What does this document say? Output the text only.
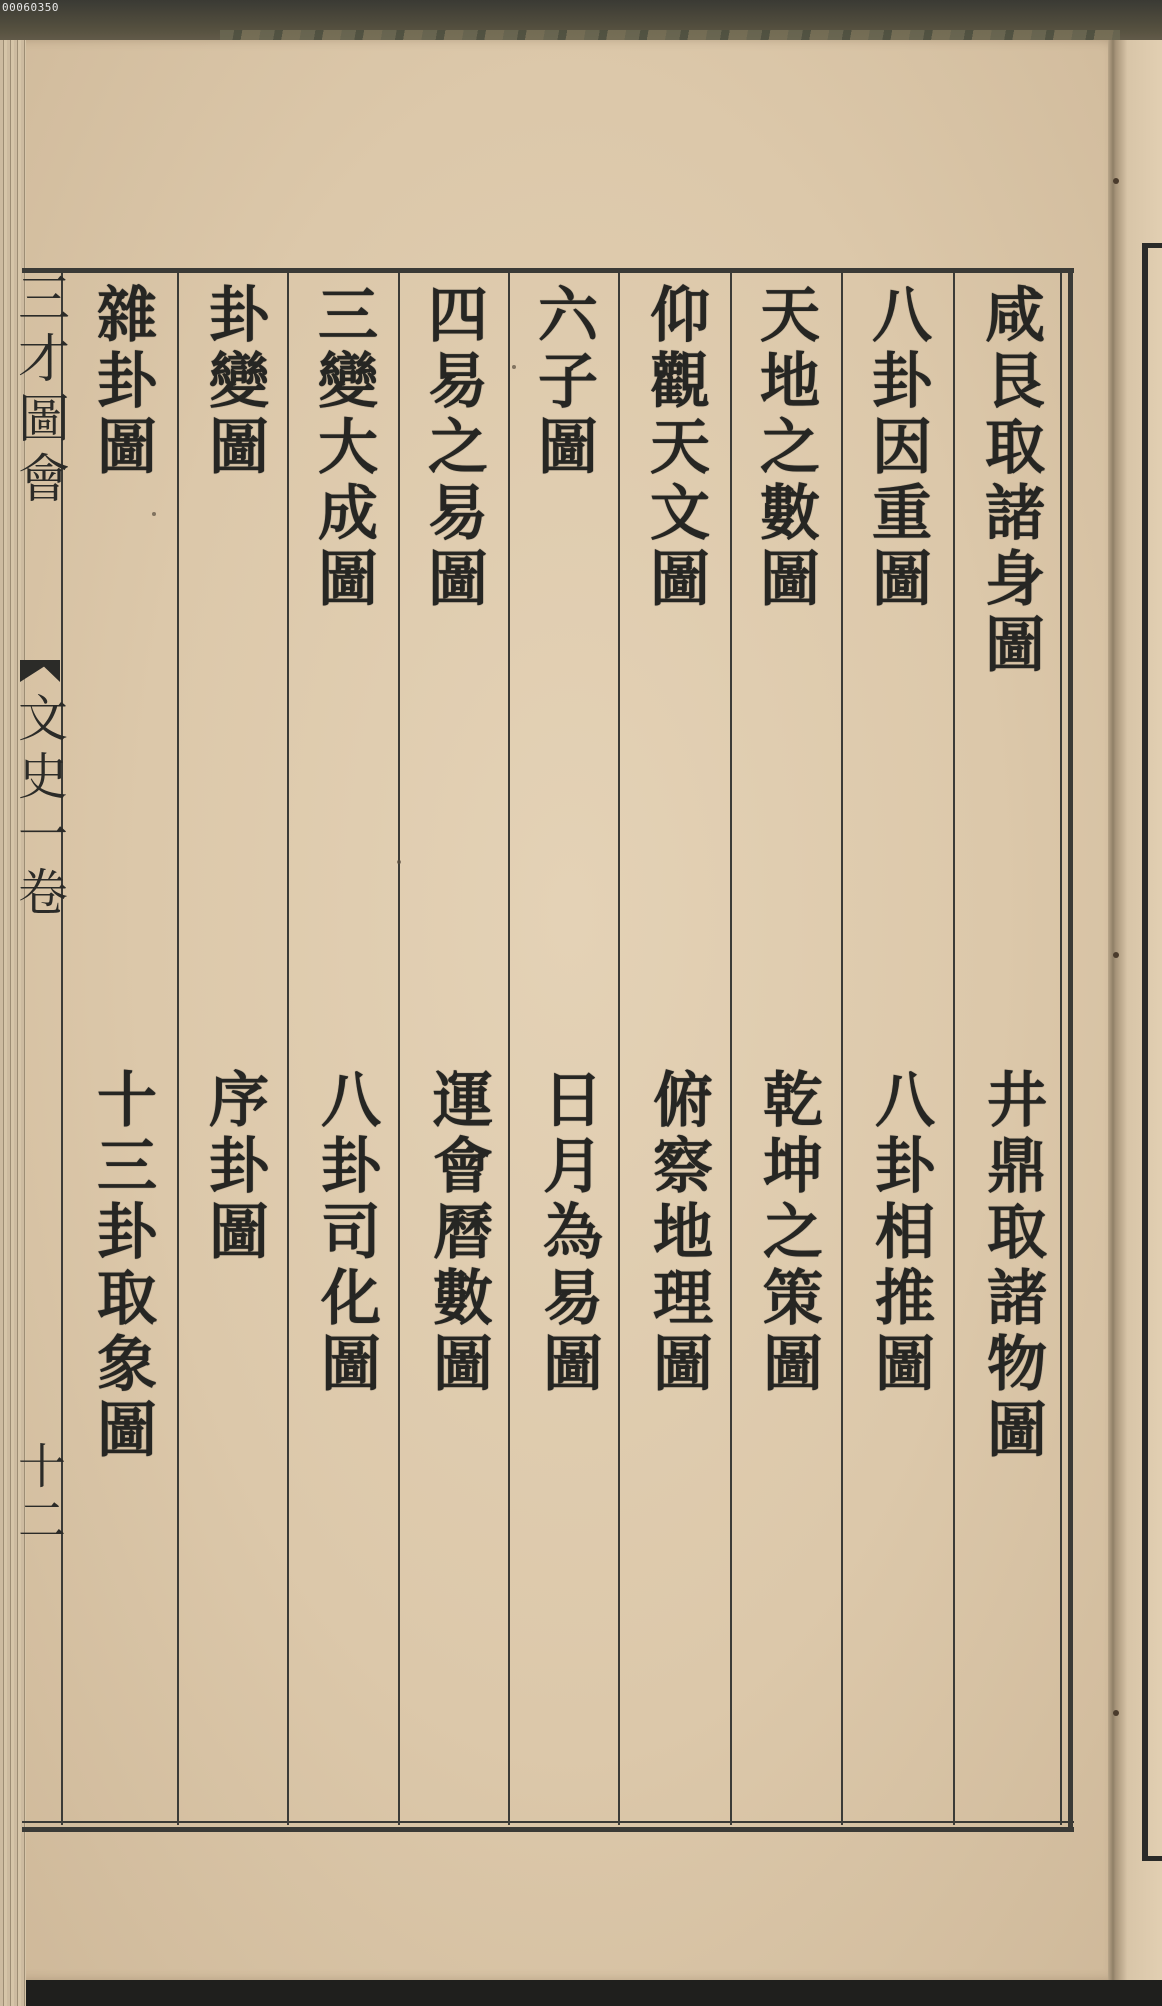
00060350
三
才
圖
會
文
史
一
卷
十
二
咸艮取諸身圖
井鼎取諸物圖
八卦因重圖
八卦相推圖
天地之數圖
乾坤之策圖
仰觀天文圖
俯察地理圖
六子圖
日月為易圖
四易之易圖
運會曆數圖
三變大成圖
八卦司化圖
卦變圖
序卦圖
雜卦圖
十三卦取象圖
